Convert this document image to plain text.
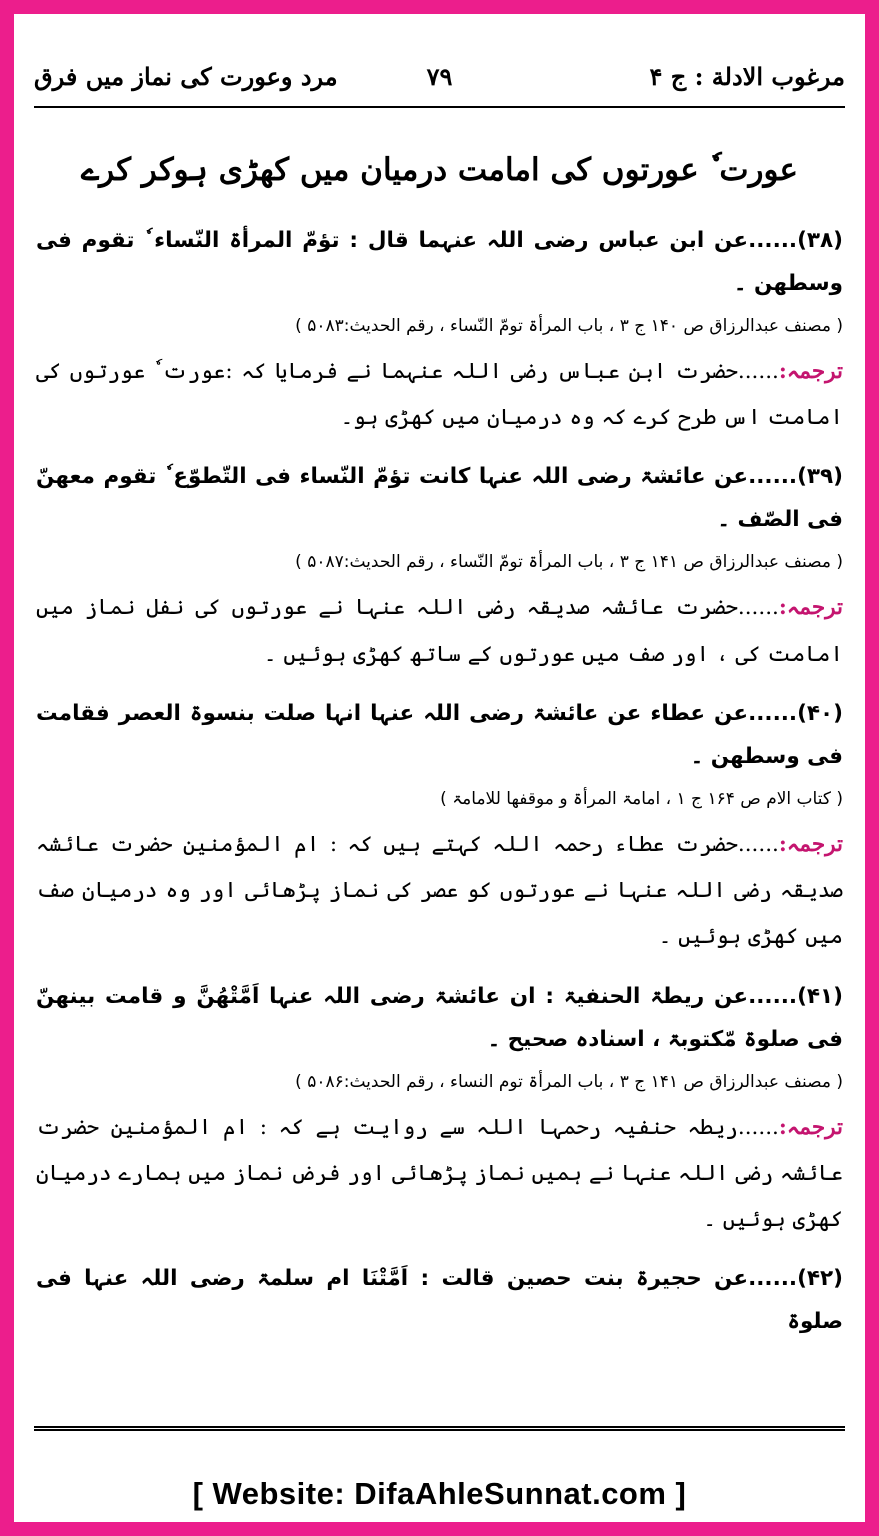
مرغوب الادلة : ج ۴
۷۹
مرد وعورت کی نماز میں فرق
عورت ٗ عورتوں کی امامت درمیان میں کھڑی ہوکر کرے

(۳۸)......عن ابن عباس رضی اللہ عنہما قال : تؤمّ المرأۃ النّساء ٗ تقوم فی وسطھن ۔

( مصنف عبدالرزاق ص ۱۴۰ ج ۳ ، باب المرأۃ تومّ النّساء ، رقم الحدیث:۵۰۸۳ )

ترجمہ:......حضرت ابن عباس رضی اللہ عنہما نے فرمایا کہ :عورت ٗ عورتوں کی امامت اس طرح کرے کہ وہ درمیان میں کھڑی ہو۔

(۳۹)......عن عائشۃ رضی اللہ عنہا کانت تؤمّ النّساء فی التّطوّع ٗ تقوم معھنّ فی الصّف ۔

( مصنف عبدالرزاق ص ۱۴۱ ج ۳ ، باب المرأۃ تومّ النّساء ، رقم الحدیث:۵۰۸۷ )

ترجمہ:......حضرت عائشہ صدیقہ رضی اللہ عنہا نے عورتوں کی نفل نماز میں امامت کی ، اور صف میں عورتوں کے ساتھ کھڑی ہوئیں ۔

(۴۰)......عن عطاء عن عائشۃ رضی اللہ عنہا انہا صلت بنسوۃ العصر فقامت فی وسطھن ۔

( کتاب الام ص ۱۶۴ ج ۱ ، امامۃ المرأۃ و موقفھا للامامۃ )

ترجمہ:......حضرت عطاء رحمہ اللہ کہتے ہیں کہ : ام المؤمنین حضرت عائشہ صدیقہ رضی اللہ عنہا نے عورتوں کو عصر کی نماز پڑھائی اور وہ درمیان صف میں کھڑی ہوئیں ۔

(۴۱)......عن ریطۃ الحنفیۃ : ان عائشۃ رضی اللہ عنہا اَمَّتْھُنَّ و قامت بینھنّ فی صلوۃ مّکتوبۃ ، اسنادہ صحیح ۔

( مصنف عبدالرزاق ص ۱۴۱ ج ۳ ، باب المرأۃ توم النساء ، رقم الحدیث:۵۰۸۶ )

ترجمہ:......ریطہ حنفیہ رحمہا اللہ سے روایت ہے کہ : ام المؤمنین حضرت عائشہ رضی اللہ عنہا نے ہمیں نماز پڑھائی اور فرض نماز میں ہمارے درمیان کھڑی ہوئیں ۔

(۴۲)......عن حجیرۃ بنت حصین قالت : اَمَّتْنَا ام سلمۃ رضی اللہ عنہا فی صلوۃ

[ Website: DifaAhleSunnat.com ]
